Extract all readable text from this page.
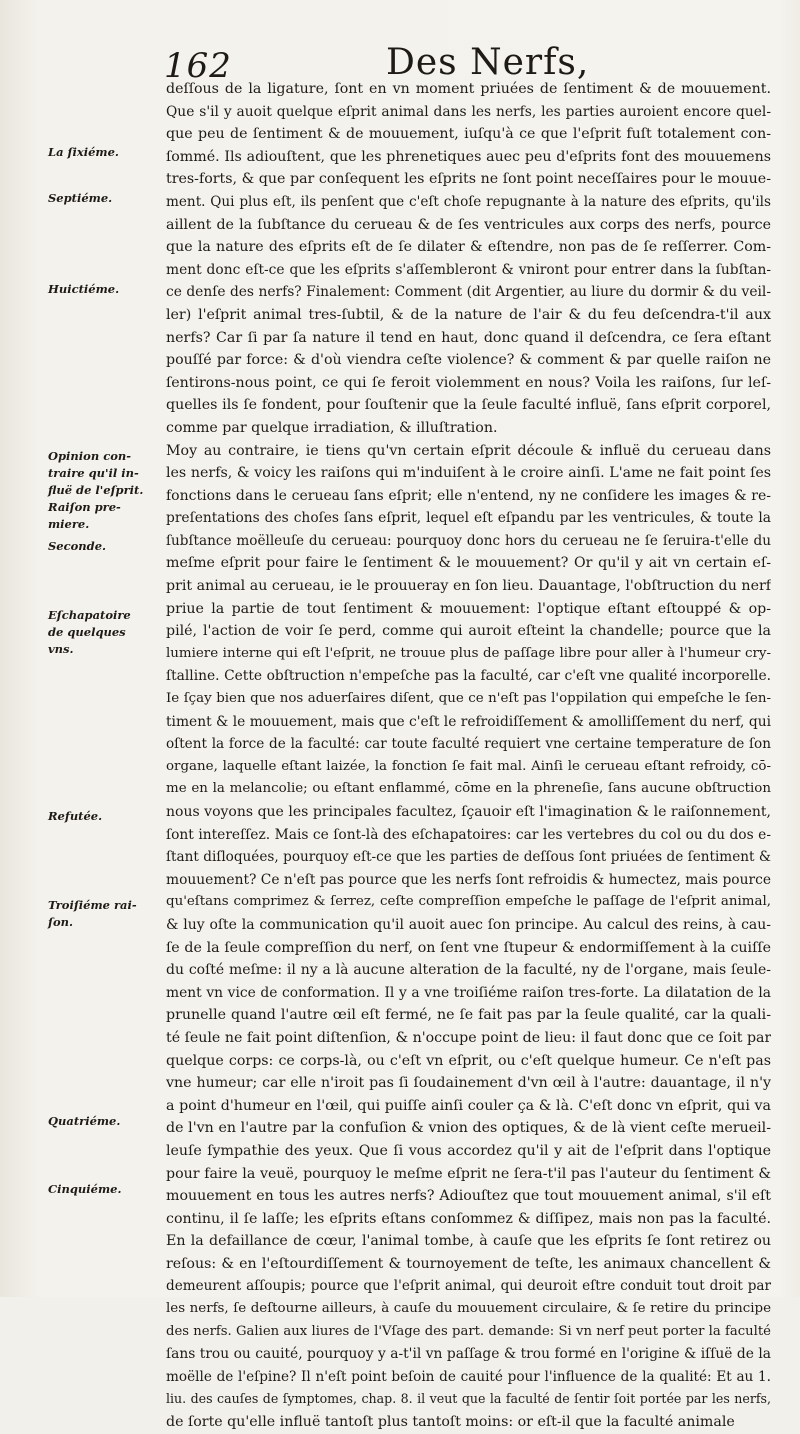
162	Des Nerfs,
La ſixiéme.
Septiéme.
Huictiéme.
Opinion con-
traire qu'il in-
fluë de l'eſprit.
Raiſon pre-
miere.
Seconde.
Eſchapatoire
de quelques
vns.
Refutée.
Troiſiéme rai-
ſon.
Quatriéme.
Cinquiéme.
deſſous de la ligature, ſont en vn moment priuées de ſentiment & de mouuement.
Que s'il y auoit quelque eſprit animal dans les nerfs, les parties auroient encore quel-
que peu de ſentiment & de mouuement, iuſqu'à ce que l'eſprit fuſt totalement con-
ſommé. Ils adiouſtent, que les phrenetiques auec peu d'eſprits font des mouuemens
tres-forts, & que par conſequent les eſprits ne ſont point neceſſaires pour le mouue-
ment. Qui plus eſt, ils penſent que c'eſt choſe repugnante à la nature des eſprits, qu'ils
aillent de la ſubſtance du cerueau & de ſes ventricules aux corps des nerfs, pource
que la nature des eſprits eſt de ſe dilater & eſtendre, non pas de ſe reſſerrer. Com-
ment donc eſt-ce que les eſprits s'aſſembleront & vniront pour entrer dans la ſubſtan-
ce denſe des nerfs? Finalement: Comment (dit Argentier, au liure du dormir & du veil-
ler) l'eſprit animal tres-ſubtil, & de la nature de l'air & du feu deſcendra-t'il aux
nerfs? Car ſi par ſa nature il tend en haut, donc quand il deſcendra, ce ſera eſtant
pouſſé par force: & d'où viendra ceſte violence? & comment & par quelle raiſon ne
ſentirons-nous point, ce qui ſe feroit violemment en nous? Voila les raiſons, ſur leſ-
quelles ils ſe fondent, pour ſouſtenir que la ſeule faculté influë, ſans eſprit corporel,
comme par quelque irradiation, & illuſtration.
Moy au contraire, ie tiens qu'vn certain eſprit découle & influë du cerueau dans
les nerfs, & voicy les raiſons qui m'induiſent à le croire ainſi. L'ame ne fait point ſes
fonctions dans le cerueau ſans eſprit; elle n'entend, ny ne conſidere les images & re-
preſentations des choſes ſans eſprit, lequel eſt eſpandu par les ventricules, & toute la
ſubſtance moëlleuſe du cerueau: pourquoy donc hors du cerueau ne ſe ſeruira-t'elle du
meſme eſprit pour faire le ſentiment & le mouuement? Or qu'il y ait vn certain eſ-
prit animal au cerueau, ie le prouueray en ſon lieu. Dauantage, l'obſtruction du nerf
priue la partie de tout ſentiment & mouuement: l'optique eſtant eſtouppé & op-
pilé, l'action de voir ſe perd, comme qui auroit eſteint la chandelle; pource que la
lumiere interne qui eſt l'eſprit, ne trouue plus de paſſage libre pour aller à l'humeur cry-
ſtalline. Cette obſtruction n'empeſche pas la faculté, car c'eſt vne qualité incorporelle.
Ie ſçay bien que nos aduerſaires diſent, que ce n'eſt pas l'oppilation qui empeſche le ſen-
timent & le mouuement, mais que c'eſt le refroidiſſement & amolliſſement du nerf, qui
oſtent la force de la faculté: car toute faculté requiert vne certaine temperature de ſon
organe, laquelle eſtant laizée, la fonction ſe fait mal. Ainſi le cerueau eſtant refroidy, cō-
me en la melancolie; ou eſtant enflammé, cōme en la phreneſie, ſans aucune obſtruction
nous voyons que les principales facultez, ſçauoir eſt l'imagination & le raiſonnement,
ſont intereſſez. Mais ce ſont-là des eſchapatoires: car les vertebres du col ou du dos e-
ſtant diſloquées, pourquoy eſt-ce que les parties de deſſous ſont priuées de ſentiment &
mouuement? Ce n'eſt pas pource que les nerfs ſont refroidis & humectez, mais pource
qu'eſtans comprimez & ſerrez, ceſte compreſſion empeſche le paſſage de l'eſprit animal,
& luy oſte la communication qu'il auoit auec ſon principe. Au calcul des reins, à cau-
ſe de la ſeule compreſſion du nerf, on ſent vne ſtupeur & endormiſſement à la cuiſſe
du coſté meſme: il ny a là aucune alteration de la faculté, ny de l'organe, mais ſeule-
ment vn vice de conformation. Il y a vne troiſiéme raiſon tres-forte. La dilatation de la
prunelle quand l'autre œil eſt fermé, ne ſe fait pas par la ſeule qualité, car la quali-
té ſeule ne fait point diſtenſion, & n'occupe point de lieu: il faut donc que ce ſoit par
quelque corps: ce corps-là, ou c'eſt vn eſprit, ou c'eſt quelque humeur. Ce n'eſt pas
vne humeur; car elle n'iroit pas ſi ſoudainement d'vn œil à l'autre: dauantage, il n'y
a point d'humeur en l'œil, qui puiſſe ainſi couler ça & là. C'eſt donc vn eſprit, qui va
de l'vn en l'autre par la confuſion & vnion des optiques, & de là vient ceſte merueil-
leuſe ſympathie des yeux. Que ſi vous accordez qu'il y ait de l'eſprit dans l'optique
pour faire la veuë, pourquoy le meſme eſprit ne ſera-t'il pas l'auteur du ſentiment &
mouuement en tous les autres nerfs? Adiouſtez que tout mouuement animal, s'il eſt
continu, il ſe laſſe; les eſprits eſtans conſommez & diſſipez, mais non pas la faculté.
En la defaillance de cœur, l'animal tombe, à cauſe que les eſprits ſe ſont retirez ou
reſous: & en l'eſtourdiſſement & tournoyement de teſte, les animaux chancellent &
demeurent aſſoupis; pource que l'eſprit animal, qui deuroit eſtre conduit tout droit par
les nerfs, ſe deſtourne ailleurs, à cauſe du mouuement circulaire, & ſe retire du principe
des nerfs. Galien aux liures de l'Vſage des part. demande: Si vn nerf peut porter la faculté
ſans trou ou cauité, pourquoy y a-t'il vn paſſage & trou formé en l'origine & iſſuë de la
moëlle de l'eſpine? Il n'eſt point beſoin de cauité pour l'influence de la qualité: Et au 1.
liu. des cauſes de ſymptomes, chap. 8. il veut que la faculté de ſentir ſoit portée par les nerfs,
de ſorte qu'elle influë tantoſt plus tantoſt moins: or eſt-il que la faculté animale
